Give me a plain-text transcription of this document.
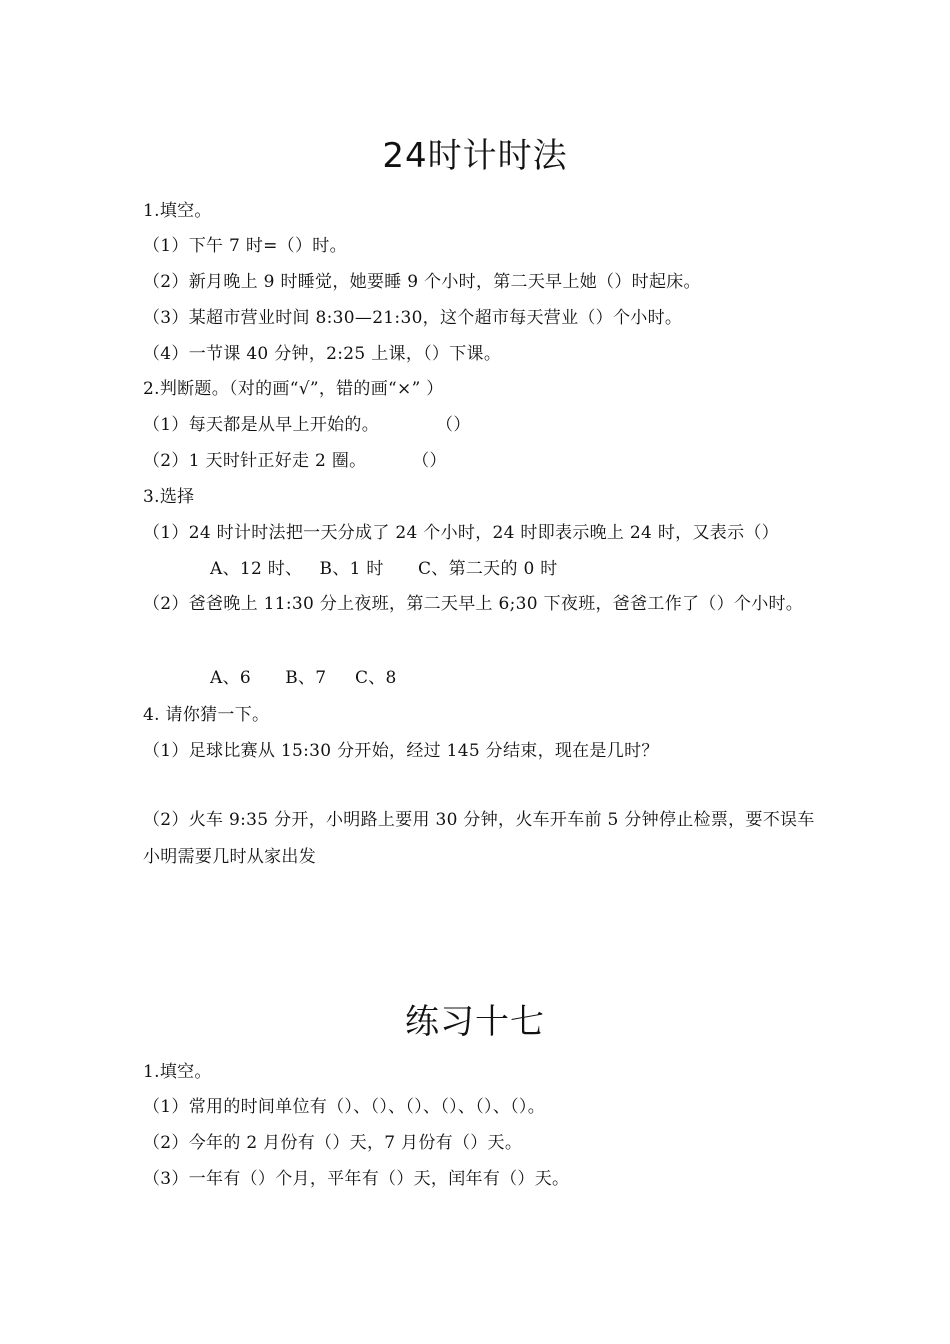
24时计时法
1.填空。
（1）下午 7 时=（）时。
（2）新月晚上 9 时睡觉，她要睡 9 个小时，第二天早上她（）时起床。
（3）某超市营业时间 8:30—21:30，这个超市每天营业（）个小时。
（4）一节课 40 分钟，2:25 上课，（）下课。
2.判断题。（对的画“√”，错的画“×” ）
（1）每天都是从早上开始的。          （）
（2）1 天时针正好走 2 圈。        （）
3.选择
（1）24 时计时法把一天分成了 24 个小时，24 时即表示晚上 24 时，又表示（）
A、12 时、   B、1 时      C、第二天的 0 时
（2）爸爸晚上 11:30 分上夜班，第二天早上 6;30 下夜班，爸爸工作了（）个小时。
A、6      B、7     C、8
4. 请你猜一下。
（1）足球比赛从 15:30 分开始，经过 145 分结束，现在是几时？
（2）火车 9:35 分开，小明路上要用 30 分钟，火车开车前 5 分钟停止检票，要不误车小明需要几时从家出发
练习十七
1.填空。
（1）常用的时间单位有（）、（）、（）、（）、（）、（）。
（2）今年的 2 月份有（）天，7 月份有（）天。
（3）一年有（）个月，平年有（）天，闰年有（）天。
